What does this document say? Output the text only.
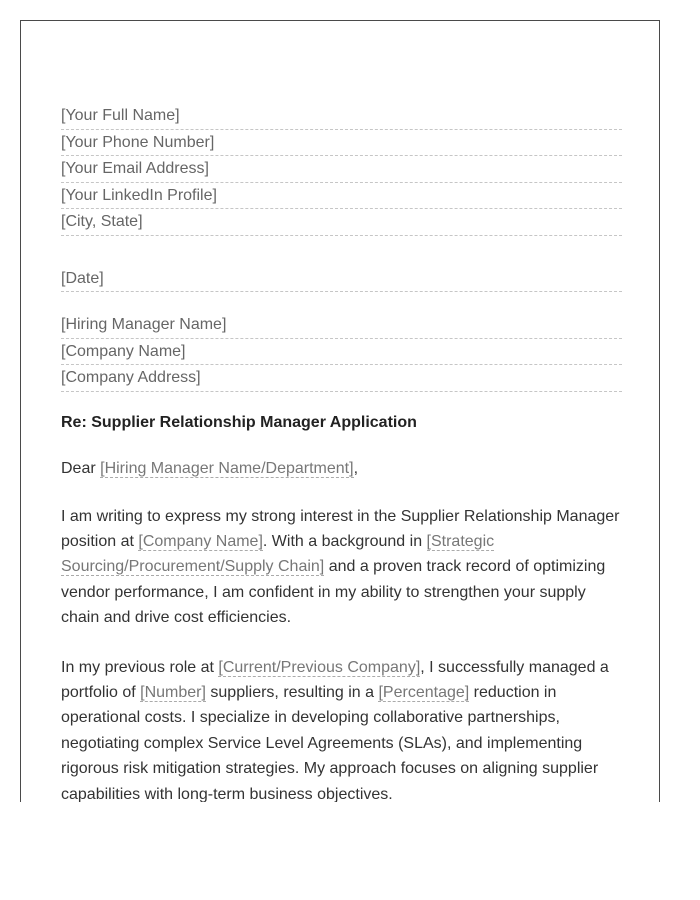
[Your Full Name]
[Your Phone Number]
[Your Email Address]
[Your LinkedIn Profile]
[City, State]
[Date]
[Hiring Manager Name]
[Company Name]
[Company Address]
Re: Supplier Relationship Manager Application
Dear [Hiring Manager Name/Department],

I am writing to express my strong interest in the Supplier Relationship Manager position at [Company Name]. With a background in [Strategic Sourcing/Procurement/Supply Chain] and a proven track record of optimizing vendor performance, I am confident in my ability to strengthen your supply chain and drive cost efficiencies.

In my previous role at [Current/Previous Company], I successfully managed a portfolio of [Number] suppliers, resulting in a [Percentage] reduction in operational costs. I specialize in developing collaborative partnerships, negotiating complex Service Level Agreements (SLAs), and implementing rigorous risk mitigation strategies. My approach focuses on aligning supplier capabilities with long-term business objectives.
